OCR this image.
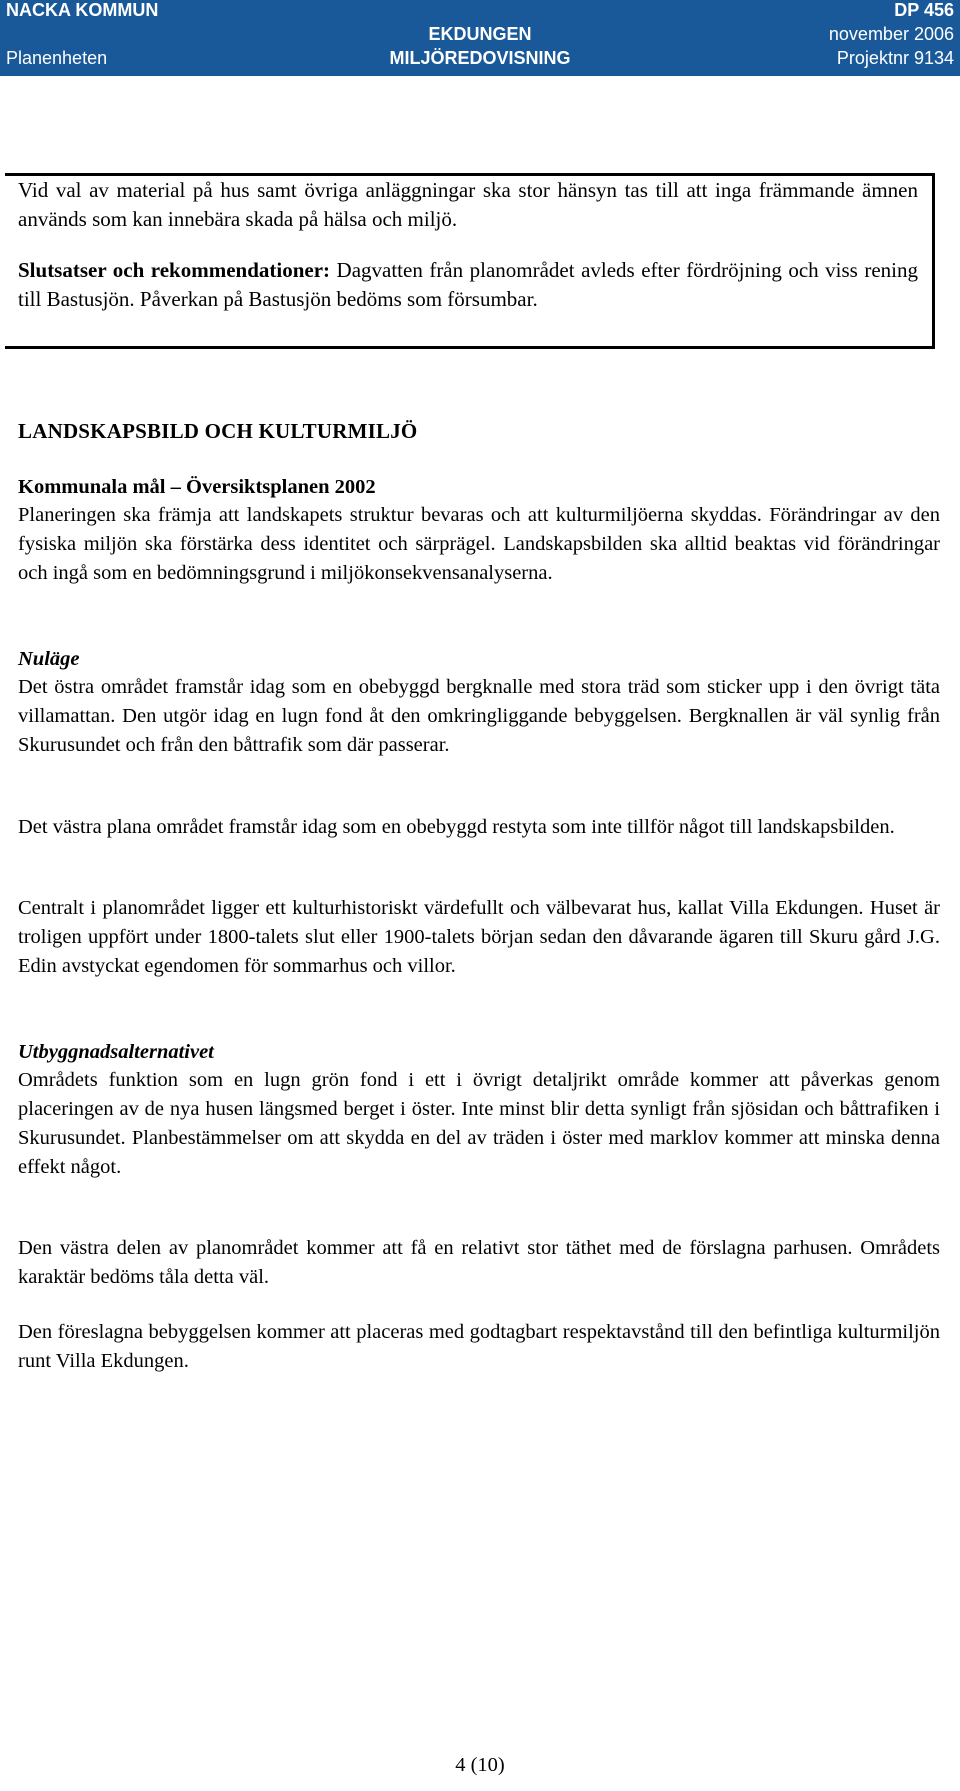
NACKA KOMMUN	DP 456
EKDUNGEN	november 2006
Planenheten	MILJÖREDOVISNING	Projektnr 9134

Vid val av material på hus samt övriga anläggningar ska stor hänsyn tas till att inga främmande ämnen används som kan innebära skada på hälsa och miljö.

Slutsatser och rekommendationer: Dagvatten från planområdet avleds efter fördröjning och viss rening till Bastusjön. Påverkan på Bastusjön bedöms som försumbar.

LANDSKAPSBILD OCH KULTURMILJÖ
Kommunala mål – Översiktsplanen 2002

Planeringen ska främja att landskapets struktur bevaras och att kulturmiljöerna skyddas. Förändringar av den fysiska miljön ska förstärka dess identitet och särprägel. Landskapsbilden ska alltid beaktas vid förändringar och ingå som en bedömningsgrund i miljökonsekvensanalyserna.

Nuläge

Det östra området framstår idag som en obebyggd bergknalle med stora träd som sticker upp i den övrigt täta villamattan. Den utgör idag en lugn fond åt den omkringliggande bebyggelsen. Bergknallen är väl synlig från Skurusundet och från den båttrafik som där passerar.

Det västra plana området framstår idag som en obebyggd restyta som inte tillför något till landskapsbilden.

Centralt i planområdet ligger ett kulturhistoriskt värdefullt och välbevarat hus, kallat Villa Ekdungen. Huset är troligen uppfört under 1800-talets slut eller 1900-talets början sedan den dåvarande ägaren till Skuru gård J.G. Edin avstyckat egendomen för sommarhus och villor.

Utbyggnadsalternativet

Områdets funktion som en lugn grön fond i ett i övrigt detaljrikt område kommer att påverkas genom placeringen av de nya husen längsmed berget i öster. Inte minst blir detta synligt från sjösidan och båttrafiken i Skurusundet. Planbestämmelser om att skydda en del av träden i öster med marklov kommer att minska denna effekt något.

Den västra delen av planområdet kommer att få en relativt stor täthet med de förslagna parhusen. Områdets karaktär bedöms tåla detta väl.

Den föreslagna bebyggelsen kommer att placeras med godtagbart respektavstånd till den befintliga kulturmiljön runt Villa Ekdungen.

4 (10)
